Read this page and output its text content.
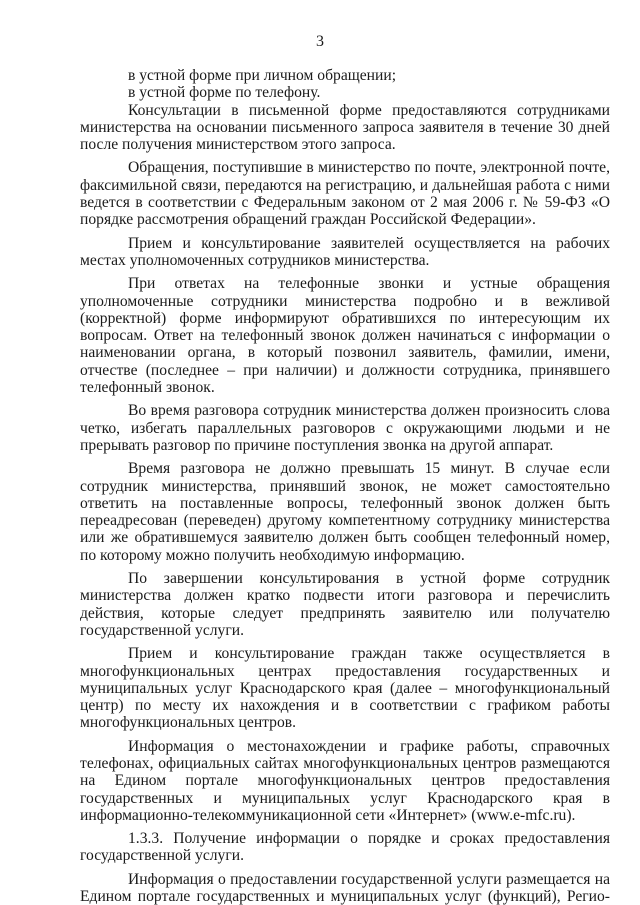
3

в устной форме при личном обращении;

в устной форме по телефону.

Консультации в письменной форме предоставляются сотрудниками министерства на основании письменного запроса заявителя в течение 30 дней после получения министерством этого запроса.

Обращения, поступившие в министерство по почте, электронной почте, факсимильной связи, передаются на регистрацию, и дальнейшая работа с ними ведется в соответствии с Федеральным законом от 2 мая 2006 г. № 59-ФЗ «О порядке рассмотрения обращений граждан Российской Федерации».

Прием и консультирование заявителей осуществляется на рабочих местах уполномоченных сотрудников министерства.

При ответах на телефонные звонки и устные обращения уполномоченные сотрудники министерства подробно и в вежливой (корректной) форме информируют обратившихся по интересующим их вопросам. Ответ на телефонный звонок должен начинаться с информации о наименовании органа, в который позвонил заявитель, фамилии, имени, отчестве (последнее – при наличии) и должности сотрудника, принявшего телефонный звонок.

Во время разговора сотрудник министерства должен произносить слова четко, избегать параллельных разговоров с окружающими людьми и не прерывать разговор по причине поступления звонка на другой аппарат.

Время разговора не должно превышать 15 минут. В случае если сотрудник министерства, принявший звонок, не может самостоятельно ответить на поставленные вопросы, телефонный звонок должен быть переадресован (переведен) другому компетентному сотруднику министерства или же обратившемуся заявителю должен быть сообщен телефонный номер, по которому можно получить необходимую информацию.

По завершении консультирования в устной форме сотрудник министерства должен кратко подвести итоги разговора и перечислить действия, которые следует предпринять заявителю или получателю государственной услуги.

Прием и консультирование граждан также осуществляется в многофункциональных центрах предоставления государственных и муниципальных услуг Краснодарского края (далее – многофункциональный центр) по месту их нахождения и в соответствии с графиком работы многофункциональных центров.

Информация о местонахождении и графике работы, справочных телефонах, официальных сайтах многофункциональных центров размещаются на Едином портале многофункциональных центров предоставления государственных и муниципальных услуг Краснодарского края в информационно-телекоммуникационной сети «Интернет» (www.e-mfc.ru).

1.3.3. Получение информации о порядке и сроках предоставления государственной услуги.

Информация о предоставлении государственной услуги размещается на Едином портале государственных и муниципальных услуг (функций), Регио-
